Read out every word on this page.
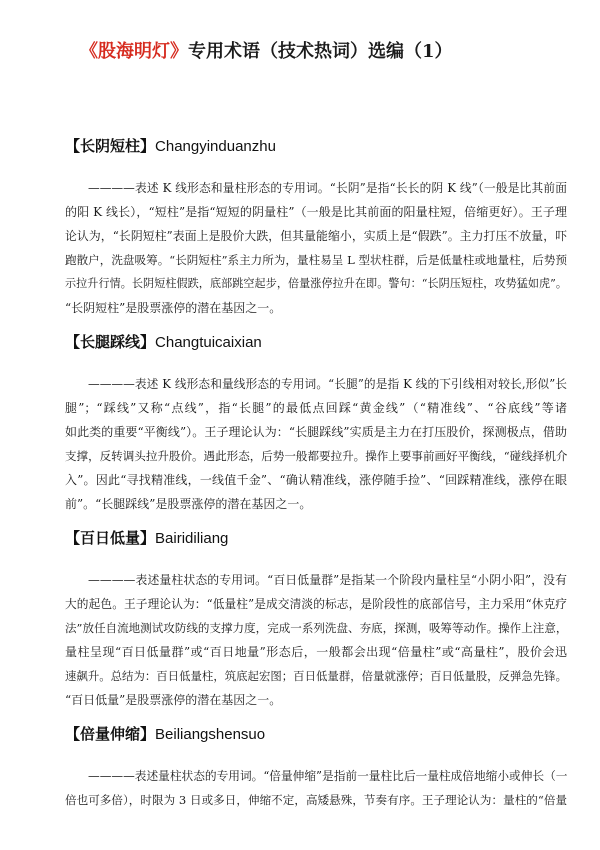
《股海明灯》专用术语（技术热词）选编（1）
【长阴短柱】Changyinduanzhu
————表述 K 线形态和量柱形态的专用词。“长阴”是指“长长的阴 K 线”（一般是比其前面
的阳 K 线长），“短柱”是指“短短的阴量柱”（一般是比其前面的阳量柱短，倍缩更好）。王子理
论认为，“长阴短柱”表面上是股价大跌，但其量能缩小，实质上是“假跌”。主力打压不放量，吓
跑散户，洗盘吸筹。“长阴短柱”系主力所为，量柱易呈 L 型状柱群，后是低量柱或地量柱，后势预
示拉升行情。长阴短柱假跌，底部跳空起步，倍量涨停拉升在即。警句：“长阴压短柱，攻势猛如虎”。
“长阴短柱”是股票涨停的潜在基因之一。
【长腿踩线】Changtuicaixian
————表述 K 线形态和量线形态的专用词。“长腿”的是指 K 线的下引线相对较长,形似”长
腿”；“踩线”又称“点线”，指“长腿”的最低点回踩“黄金线”（“精准线”、“谷底线”等诸
如此类的重要“平衡线”）。王子理论认为：“长腿踩线”实质是主力在打压股价，探测极点，借助
支撑，反转调头拉升股价。遇此形态，后势一般都要拉升。操作上要事前画好平衡线，“碰线择机介
入”。因此“寻找精准线，一线值千金”、“确认精准线，涨停随手捡”、“回踩精准线，涨停在眼
前”。“长腿踩线”是股票涨停的潜在基因之一。
【百日低量】Bairidiliang
————表述量柱状态的专用词。“百日低量群”是指某一个阶段内量柱呈“小阴小阳”，没有
大的起色。王子理论认为：“低量柱”是成交清淡的标志，是阶段性的底部信号，主力采用“休克疗
法”放任自流地测试攻防线的支撑力度，完成一系列洗盘、夯底，探测，吸筹等动作。操作上注意，
量柱呈现“百日低量群”或“百日地量”形态后，一般都会出现“倍量柱”或“高量柱”，股价会迅
速飙升。总结为：百日低量柱，筑底起宏图；百日低量群，倍量就涨停；百日低量股，反弹急先锋。
“百日低量”是股票涨停的潜在基因之一。
【倍量伸缩】Beiliangshensuo
————表述量柱状态的专用词。“倍量伸缩”是指前一量柱比后一量柱成倍地缩小或伸长（一
倍也可多倍），时限为 3 日或多日，伸缩不定，高矮悬殊，节奏有序。王子理论认为：量柱的“倍量
